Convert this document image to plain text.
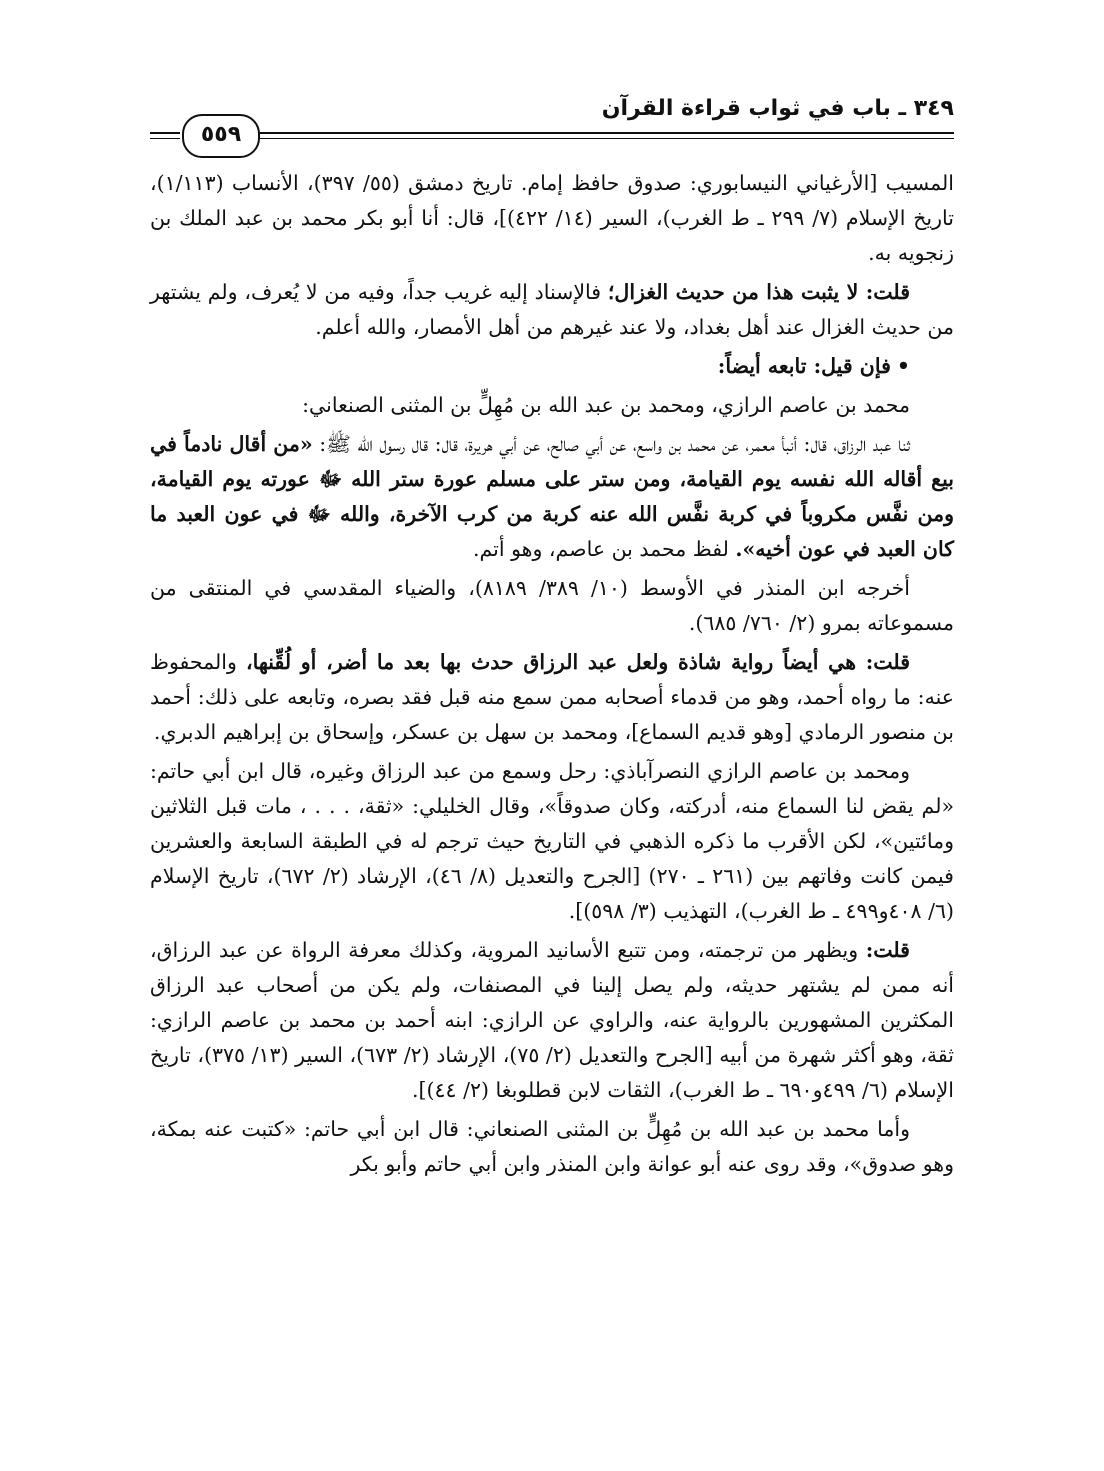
٣٤٩ ـ باب في ثواب قراءة القرآن
٥٥٩

المسيب [الأرغياني النيسابوري: صدوق حافظ إمام. تاريخ دمشق (٥٥/ ٣٩٧)، الأنساب (١/١١٣)، تاريخ الإسلام (٧/ ٢٩٩ ـ ط الغرب)، السير (١٤/ ٤٢٢)]، قال: أنا أبو بكر محمد بن عبد الملك بن زنجويه به.

قلت: لا يثبت هذا من حديث الغزال؛ فالإسناد إليه غريب جداً، وفيه من لا يُعرف، ولم يشتهر من حديث الغزال عند أهل بغداد، ولا عند غيرهم من أهل الأمصار، والله أعلم.

•فإن قيل: تابعه أيضاً:

محمد بن عاصم الرازي، ومحمد بن عبد الله بن مُهِلٍّ بن المثنى الصنعاني:

ثنا عبد الرزاق، قال: أنبأ معمر، عن محمد بن واسع، عن أبي صالح، عن أبي هريرة، قال: قال رسول الله ﷺ: «من أقال نادماً في بيع أقاله الله نفسه يوم القيامة، ومن ستر على مسلم عورة ستر الله ﷻ عورته يوم القيامة، ومن نفَّس مكروباً في كربة نفَّس الله عنه كربة من كرب الآخرة، والله ﷻ في عون العبد ما كان العبد في عون أخيه». لفظ محمد بن عاصم، وهو أتم.

أخرجه ابن المنذر في الأوسط (١٠/ ٣٨٩/ ٨١٨٩)، والضياء المقدسي في المنتقى من مسموعاته بمرو (٢/ ٧٦٠/ ٦٨٥).

قلت: هي أيضاً رواية شاذة ولعل عبد الرزاق حدث بها بعد ما أضر، أو لُقِّنها، والمحفوظ عنه: ما رواه أحمد، وهو من قدماء أصحابه ممن سمع منه قبل فقد بصره، وتابعه على ذلك: أحمد بن منصور الرمادي [وهو قديم السماع]، ومحمد بن سهل بن عسكر، وإسحاق بن إبراهيم الدبري.

ومحمد بن عاصم الرازي النصرآباذي: رحل وسمع من عبد الرزاق وغيره، قال ابن أبي حاتم: «لم يقض لنا السماع منه، أدركته، وكان صدوقاً»، وقال الخليلي: «ثقة، . . . ، مات قبل الثلاثين ومائتين»، لكن الأقرب ما ذكره الذهبي في التاريخ حيث ترجم له في الطبقة السابعة والعشرين فيمن كانت وفاتهم بين (٢٦١ ـ ٢٧٠) [الجرح والتعديل (٨/ ٤٦)، الإرشاد (٢/ ٦٧٢)، تاريخ الإسلام (٦/ ٤٠٨و٤٩٩ ـ ط الغرب)، التهذيب (٣/ ٥٩٨)].

قلت: ويظهر من ترجمته، ومن تتبع الأسانيد المروية، وكذلك معرفة الرواة عن عبد الرزاق، أنه ممن لم يشتهر حديثه، ولم يصل إلينا في المصنفات، ولم يكن من أصحاب عبد الرزاق المكثرين المشهورين بالرواية عنه، والراوي عن الرازي: ابنه أحمد بن محمد بن عاصم الرازي: ثقة، وهو أكثر شهرة من أبيه [الجرح والتعديل (٢/ ٧٥)، الإرشاد (٢/ ٦٧٣)، السير (١٣/ ٣٧٥)، تاريخ الإسلام (٦/ ٤٩٩و٦٩٠ ـ ط الغرب)، الثقات لابن قطلوبغا (٢/ ٤٤)].

وأما محمد بن عبد الله بن مُهِلٍّ بن المثنى الصنعاني: قال ابن أبي حاتم: «كتبت عنه بمكة، وهو صدوق»، وقد روى عنه أبو عوانة وابن المنذر وابن أبي حاتم وأبو بكر
